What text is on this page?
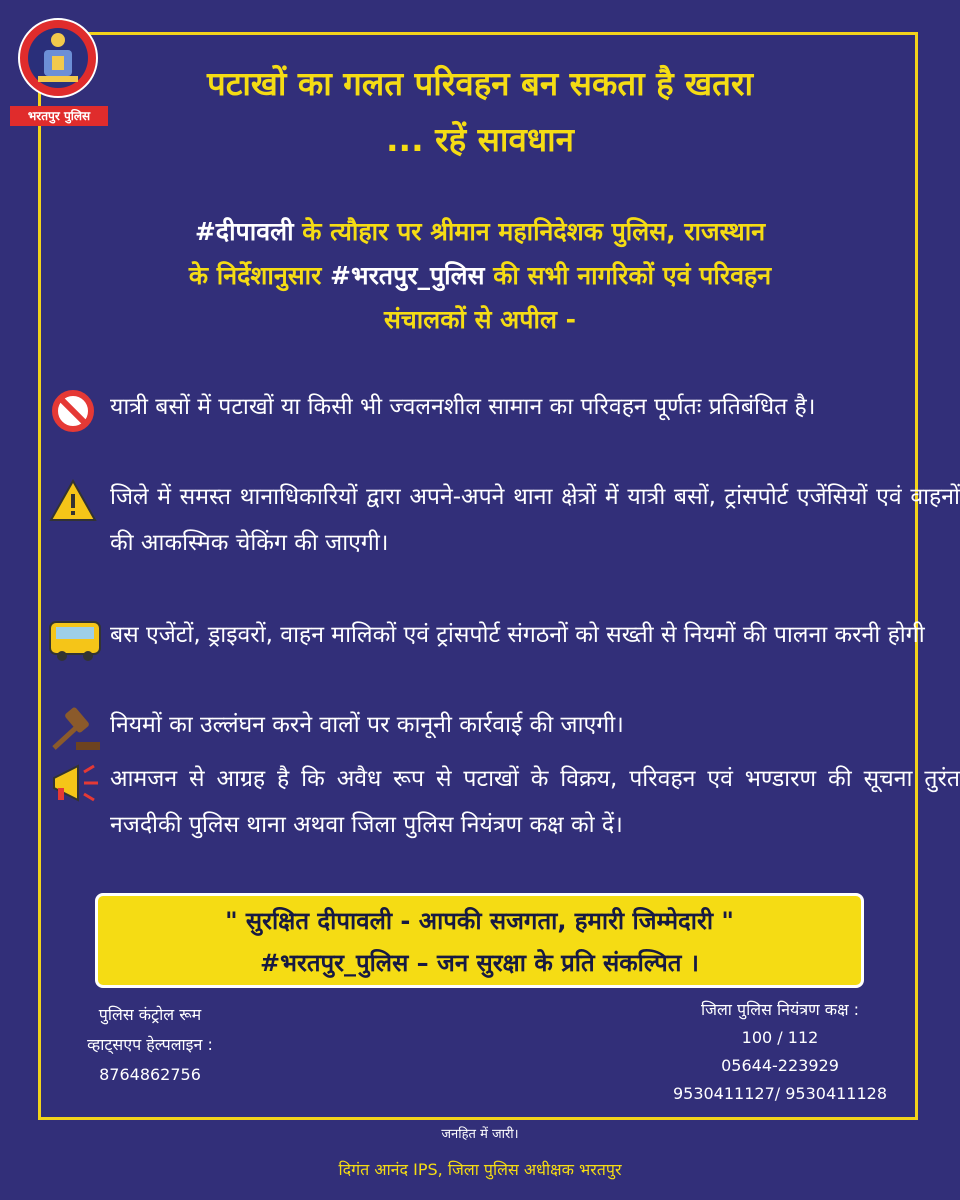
भरतपुर पुलिस
पटाखों का गलत परिवहन बन सकता है खतरा
... रहें सावधान
#दीपावली के त्यौहार पर श्रीमान महानिदेशक पुलिस, राजस्थान
के निर्देशानुसार #भरतपुर_पुलिस की सभी नागरिकों एवं परिवहन
संचालकों से अपील -
यात्री बसों में पटाखों या किसी भी ज्वलनशील सामान का परिवहन पूर्णतः प्रतिबंधित है।
जिले में समस्त थानाधिकारियों द्वारा अपने-अपने थाना क्षेत्रों में यात्री बसों, ट्रांसपोर्ट एजेंसियों एवं वाहनों की आकस्मिक चेकिंग की जाएगी।
बस एजेंटों, ड्राइवरों, वाहन मालिकों एवं ट्रांसपोर्ट संगठनों को सख्ती से नियमों की पालना करनी होगी
नियमों का उल्लंघन करने वालों पर कानूनी कार्रवाई की जाएगी।
आमजन से आग्रह है कि अवैध रूप से पटाखों के विक्रय, परिवहन एवं भण्डारण की सूचना तुरंत नजदीकी पुलिस थाना अथवा जिला पुलिस नियंत्रण कक्ष को दें।
" सुरक्षित दीपावली - आपकी सजगता, हमारी जिम्मेदारी "
#भरतपुर_पुलिस – जन सुरक्षा के प्रति संकल्पित ।
पुलिस कंट्रोल रूम
व्हाट्सएप हेल्पलाइन :
8764862756
जिला पुलिस नियंत्रण कक्ष :
100 / 112
05644-223929
9530411127/ 9530411128
जनहित में जारी।
दिगंत आनंद IPS, जिला पुलिस अधीक्षक भरतपुर
